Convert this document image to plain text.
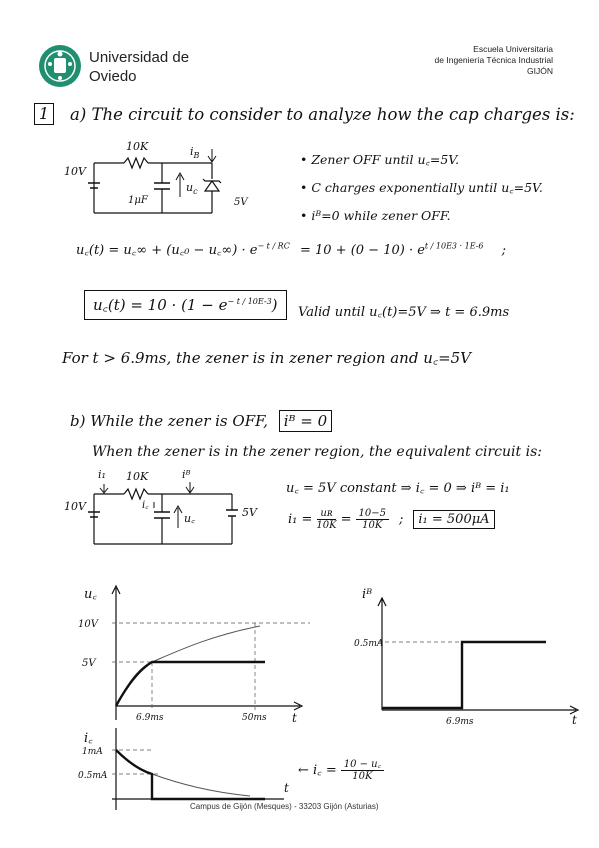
Universidad de
Oviedo
Escuela Universitaria
de Ingeniería Técnica Industrial
GIJÓN
1 a) The circuit to consider to analyze how the cap charges is:
10K
10V
1μF
$u_c$
$i_B$
5V
• Zener OFF until u꜀=5V.
• C charges exponentially until u꜀=5V.
• iᴮ=0 while zener OFF.
u꜀(t) = u꜀∞ + (u꜀₀ − u꜀∞) · $e^{- t / RC} = 10 + (0 - 10) \cdot e^{t / 10E3 \cdot 1E-6}$ ;
u꜀(t) = $10 \cdot (1 - e^{- t / 10E-3})$	Valid until u꜀(t)=5V ⇒ t = 6.9ms
For t > 6.9ms, the zener is in zener region and u꜀=5V
b) While the zener is OFF, iᴮ = 0
When the zener is in the zener region, the equivalent circuit is:
i₁ 10K	iᴮ
10V	i꜀
u꜀	5V
u꜀ = 5V constant ⇒ i꜀ = 0 ⇒ iᴮ = i₁
$i_1 = \frac{\text{uʀ}}{10K} = \frac{10-5}{10K}$ ;	i₁ = 500μA
u꜀
10V
5V
6.9ms	50ms t
i꜀
1mA
0.5mA
t
iᴮ
0.5mA
6.9ms	t
← i꜀ = $\frac{10 - u꜀}{10K}$
Campus de Gijón (Mesques) - 33203 Gijón (Asturias)
